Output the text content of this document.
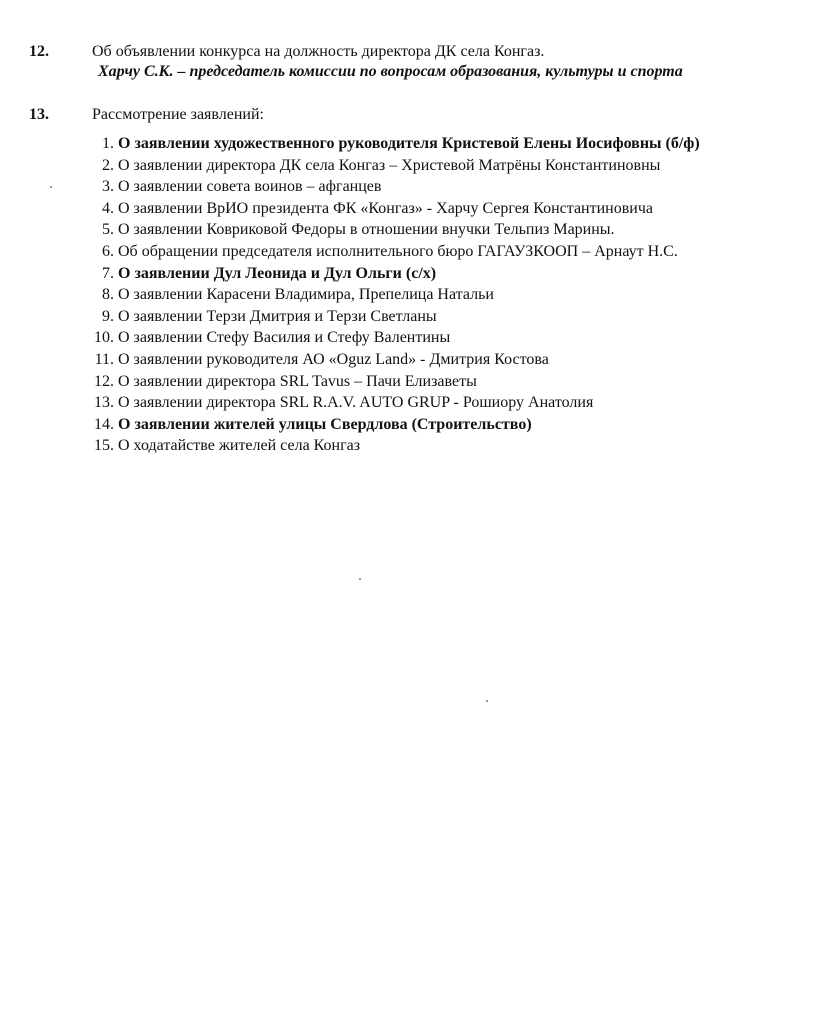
12.	Об объявлении конкурса на должность директора ДК села Конгаз.
Харчу С.К. – председатель комиссии по вопросам образования, культуры и спорта
13.	Рассмотрение заявлений:
1. О заявлении художественного руководителя Кристевой Елены Иосифовны (б/ф)
2. О заявлении директора ДК села Конгаз – Христевой Матрёны Константиновны
3. О заявлении совета воинов – афганцев
4. О заявлении ВрИО президента ФК «Конгаз» - Харчу Сергея Константиновича
5. О заявлении Ковриковой Федоры в отношении внучки Тельпиз Марины.
6. Об обращении председателя исполнительного бюро ГАГАУЗКООП – Арнаут Н.С.
7. О заявлении Дул Леонида и Дул Ольги (с/х)
8. О заявлении Карасени Владимира, Препелица Натальи
9. О заявлении Терзи Дмитрия и Терзи Светланы
10. О заявлении Стефу Василия и Стефу Валентины
11. О заявлении руководителя АО «Oguz Land» - Дмитрия Костова
12. О заявлении директора SRL Tavus – Пачи Елизаветы
13. О заявлении директора SRL R.A.V. AUTO GRUP - Рошиору Анатолия
14. О заявлении жителей улицы Свердлова (Строительство)
15. О ходатайстве жителей села Конгаз
